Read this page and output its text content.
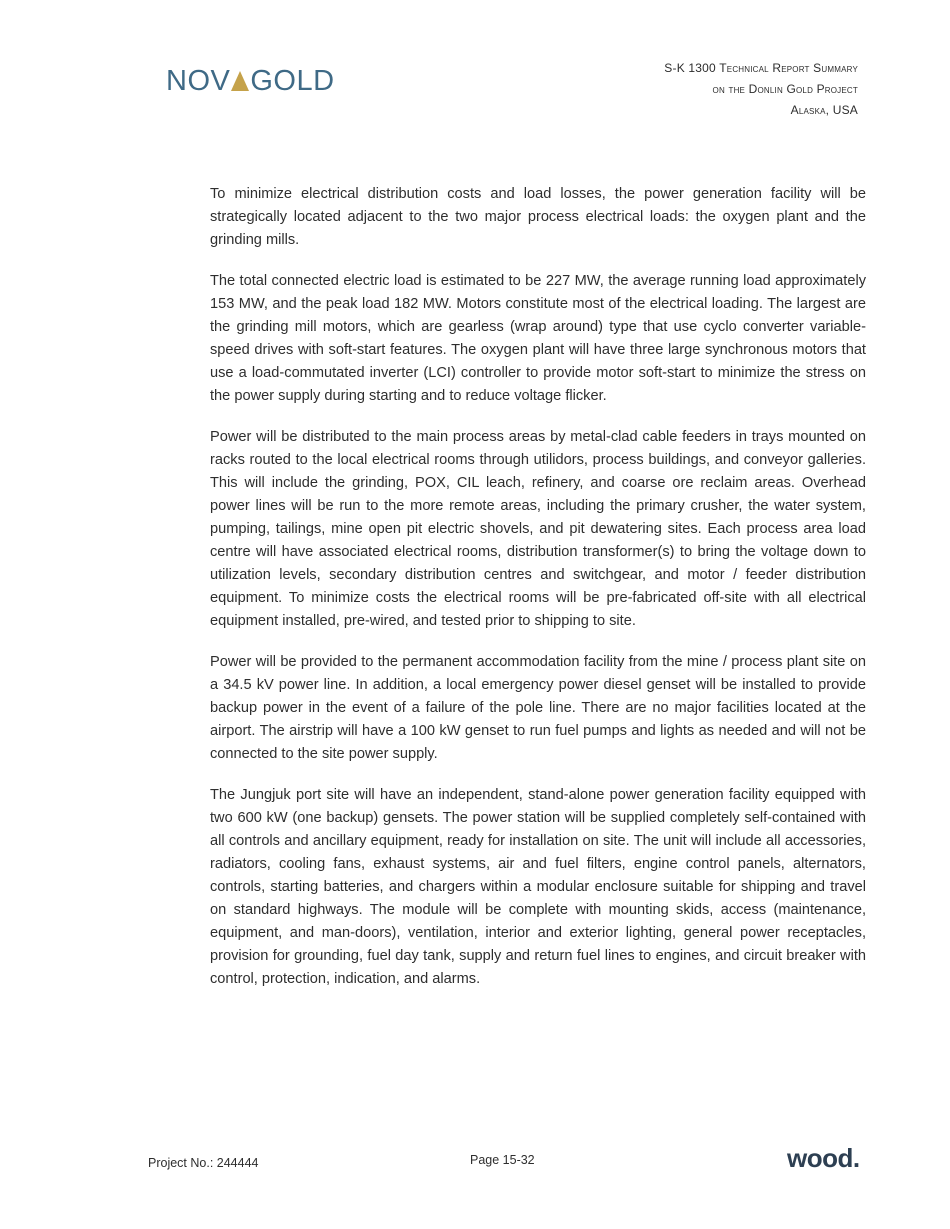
NOV GOLD	S-K 1300 Technical Report Summary
on the Donlin Gold Project
Alaska, USA

To minimize electrical distribution costs and load losses, the power generation facility will be strategically located adjacent to the two major process electrical loads: the oxygen plant and the grinding mills.

The total connected electric load is estimated to be 227 MW, the average running load approximately 153 MW, and the peak load 182 MW. Motors constitute most of the electrical loading. The largest are the grinding mill motors, which are gearless (wrap around) type that use cyclo converter variable-speed drives with soft-start features. The oxygen plant will have three large synchronous motors that use a load-commutated inverter (LCI) controller to provide motor soft-start to minimize the stress on the power supply during starting and to reduce voltage flicker.

Power will be distributed to the main process areas by metal-clad cable feeders in trays mounted on racks routed to the local electrical rooms through utilidors, process buildings, and conveyor galleries. This will include the grinding, POX, CIL leach, refinery, and coarse ore reclaim areas. Overhead power lines will be run to the more remote areas, including the primary crusher, the water system, pumping, tailings, mine open pit electric shovels, and pit dewatering sites. Each process area load centre will have associated electrical rooms, distribution transformer(s) to bring the voltage down to utilization levels, secondary distribution centres and switchgear, and motor / feeder distribution equipment. To minimize costs the electrical rooms will be pre-fabricated off-site with all electrical equipment installed, pre-wired, and tested prior to shipping to site.

Power will be provided to the permanent accommodation facility from the mine / process plant site on a 34.5 kV power line. In addition, a local emergency power diesel genset will be installed to provide backup power in the event of a failure of the pole line. There are no major facilities located at the airport. The airstrip will have a 100 kW genset to run fuel pumps and lights as needed and will not be connected to the site power supply.

The Jungjuk port site will have an independent, stand-alone power generation facility equipped with two 600 kW (one backup) gensets. The power station will be supplied completely self-contained with all controls and ancillary equipment, ready for installation on site. The unit will include all accessories, radiators, cooling fans, exhaust systems, air and fuel filters, engine control panels, alternators, controls, starting batteries, and chargers within a modular enclosure suitable for shipping and travel on standard highways. The module will be complete with mounting skids, access (maintenance, equipment, and man-doors), ventilation, interior and exterior lighting, general power receptacles, provision for grounding, fuel day tank, supply and return fuel lines to engines, and circuit breaker with control, protection, indication, and alarms.

Project No.: 244444	Page 15-32	wood.
